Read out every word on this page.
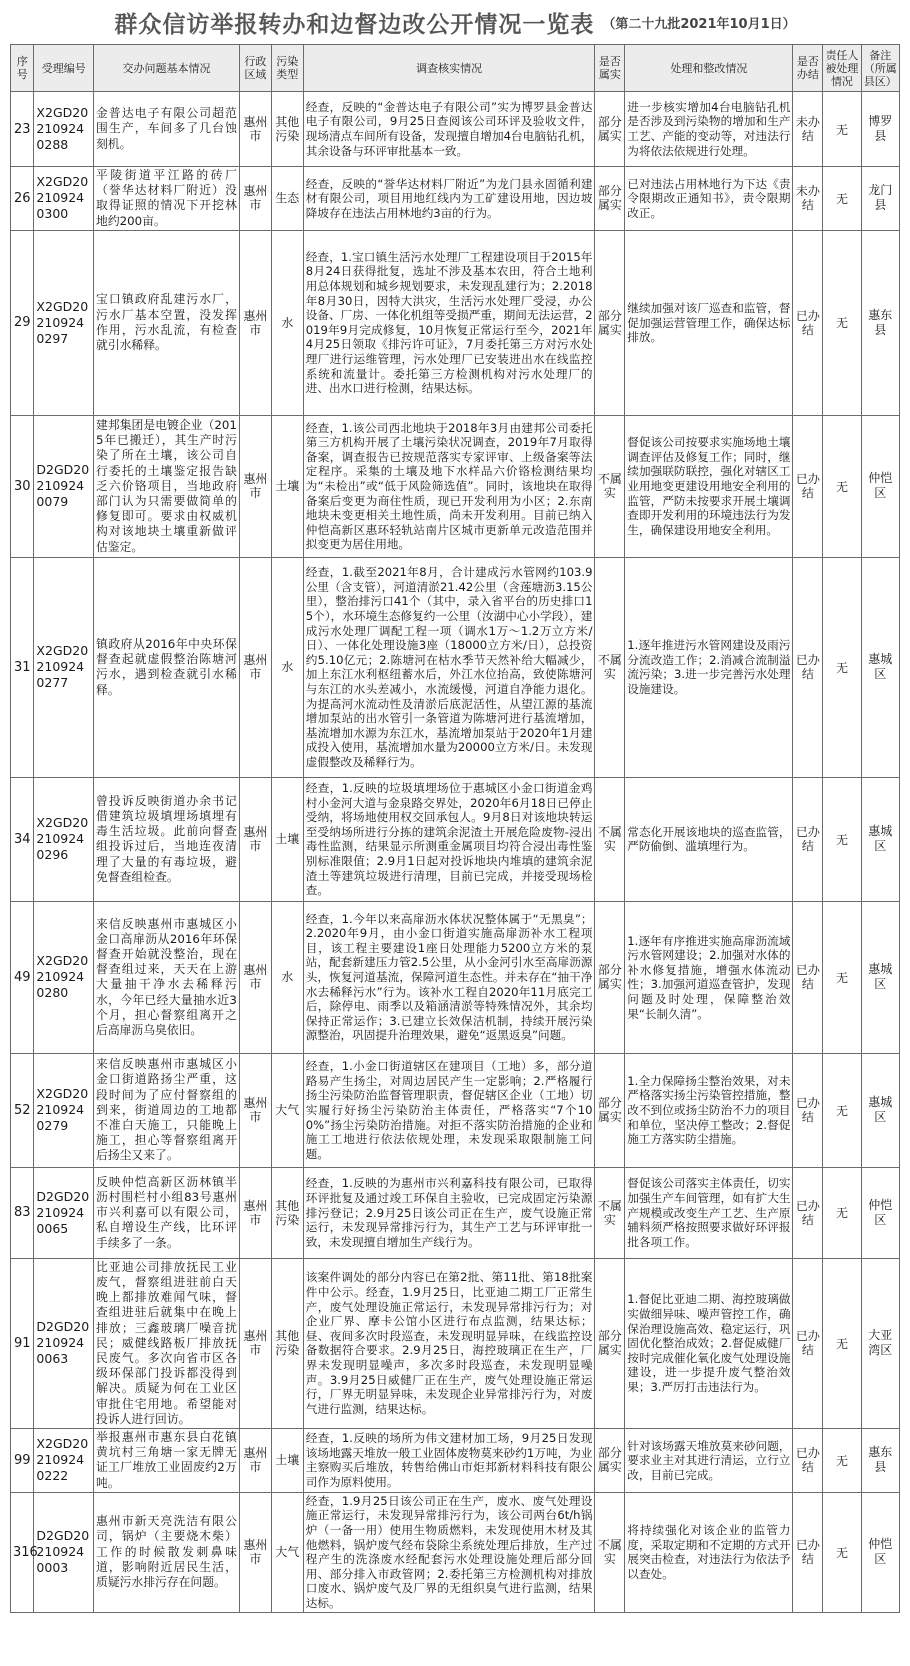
群众信访举报转办和边督边改公开情况一览表 （第二十九批2021年10月1日）
序号	受理编号	交办问题基本情况	行政区域	污染类型	调查核实情况	是否属实	处理和整改情况	是否办结	责任人被处理情况	备注（所属县区）
23	X2GD202109240288	金普达电子有限公司超范围生产，车间多了几台蚀刻机。	惠州市	其他污染	经查，反映的“金普达电子有限公司”实为博罗县金普达电子有限公司，9月25日查阅该公司环评及验收文件，现场清点车间所有设备，发现擅自增加4台电脑钻孔机，其余设备与环评审批基本一致。	部分属实	进一步核实增加4台电脑钻孔机是否涉及到污染物的增加和生产工艺、产能的变动等，对违法行为将依法依规进行处理。	未办结	无	博罗县
26	X2GD202109240300	平陵街道平江路的砖厂（誉华达材料厂附近）没取得证照的情况下开挖林地约200亩。	惠州市	生态	经查，反映的“誉华达材料厂附近”为龙门县永固循利建材有限公司，项目用地红线内为工矿建设用地，因边坡降坡存在违法占用林地约3亩的行为。	部分属实	已对违法占用林地行为下达《责令限期改正通知书》，责令限期改正。	未办结	无	龙门县
29	X2GD202109240297	宝口镇政府乱建污水厂，污水厂基本空置，没发挥作用，污水乱流，有检查就引水稀释。	惠州市	水	经查，1.宝口镇生活污水处理厂工程建设项目于2015年8月24日获得批复，选址不涉及基本农田，符合土地利用总体规划和城乡规划要求，未发现乱建行为；2.2018年8月30日，因特大洪灾，生活污水处理厂受浸，办公设备、厂房、一体化机组等受损严重，期间无法运营，2019年9月完成修复，10月恢复正常运行至今，2021年4月25日领取《排污许可证》，7月委托第三方对污水处理厂进行运维管理，污水处理厂已安装进出水在线监控系统和流量计。委托第三方检测机构对污水处理厂的进、出水口进行检测，结果达标。	部分属实	继续加强对该厂巡查和监管，督促加强运营管理工作，确保达标排放。	已办结	无	惠东县
30	D2GD202109240079	建邦集团是电镀企业（2015年已搬迁），其生产时污染了所在土壤，该公司自行委托的土壤鉴定报告缺乏六价铬项目，当地政府部门认为只需要做简单的修复即可。要求由权威机构对该地块土壤重新做评估鉴定。	惠州市	土壤	经查，1.该公司西北地块于2018年3月由建邦公司委托第三方机构开展了土壤污染状况调查，2019年7月取得备案，调查报告已按规范落实专家评审、上级备案等法定程序。采集的土壤及地下水样品六价铬检测结果均为“未检出”或“低于风险筛选值”。同时，该地块在取得备案后变更为商住性质，现已开发利用为小区；2.东南地块未变更相关土地性质，尚未开发利用。目前已纳入仲恺高新区惠环轻轨站南片区城市更新单元改造范围并拟变更为居住用地。	不属实	督促该公司按要求实施场地土壤调查评估及修复工作；同时，继续加强联防联控，强化对辖区工业用地变更建设用地安全利用的监管，严防未按要求开展土壤调查即开发利用的环境违法行为发生，确保建设用地安全利用。	已办结	无	仲恺区
31	X2GD202109240277	镇政府从2016年中央环保督查起就虚假整治陈塘河污水，遇到检查就引水稀释。	惠州市	水	经查，1.截至2021年8月，合计建成污水管网约103.9公里（含支管），河道清淤21.42公里（含莲塘沥3.15公里），整治排污口41个（其中，录入省平台的历史排口15个），水环境生态修复约一公里（汝湖中心小学段），建成污水处理厂调配工程一项（调水1万～1.2万立方米/日）、一体化处理设施3座（18000立方米/日），总投资约5.10亿元；2.陈塘河在枯水季节天然补给大幅减少，加上东江水利枢纽蓄水后，外江水位抬高，致使陈塘河与东江的水头差减小，水流缓慢，河道自净能力退化。为提高河水流动性及清淤后底泥活性，从望江源的基流增加泵站的出水管引一条管道为陈塘河进行基流增加，基流增加水源为东江水，基流增加泵站于2020年1月建成投入使用，基流增加水量为20000立方米/日。未发现虚假整改及稀释行为。	不属实	1.逐年推进污水管网建设及雨污分流改造工作；2.消减合流制溢流污染；3.进一步完善污水处理设施建设。	已办结	无	惠城区
34	X2GD2021092402​96	曾投诉反映街道办余书记借建筑垃圾填埋场填埋有毒生活垃圾。此前向督查组投诉过后，当地连夜清理了大量的有毒垃圾，避免督查组检查。	惠州市	土壤	经查，1.反映的垃圾填埋场位于惠城区小金口街道金鸡村小金河大道与金泉路交界处，2020年6月18日已停止受纳，将场地使用权交回承包人。9月8日对该地块转运至受纳场所进行分拣的建筑余泥渣土开展危险废物-浸出毒性监测，结果显示所测重金属项目均符合浸出毒性鉴别标准限值；2.9月1日起对投诉地块内堆填的建筑余泥渣土等建筑垃圾进行清理，目前已完成，并接受现场检查。	不属实	常态化开展该地块的巡查监管，严防偷倒、滥填埋行为。	已办结	无	惠城区
49	X2GD202109240280	来信反映惠州市惠城区小金口高扉沥从2016年环保督查开始就没整治，现在督查组过来，天天在上游大量抽干净水去稀释污水，今年已经大量抽水近3个月，担心督察组离开之后高扉沥乌臭依旧。	惠州市	水	经查，1.今年以来高扉沥水体状况整体属于“无黑臭”；2.2020年9月，由小金口街道实施高扉沥补水工程项目，该工程主要建设1座日处理能力5200立方米的泵站，配套新建压力管2.5公里，从小金河引水至高扉沥源头，恢复河道基流，保障河道生态性。并未存在“抽干净水去稀释污水”行为。该补水工程自2020年11月底完工后，除停电、雨季以及箱涵清淤等特殊情况外，其余均保持正常运作；3.已建立长效保洁机制，持续开展污染源整治，巩固提升治理效果，避免“返黑返臭”问题。	部分属实	1.逐年有序推进实施高扉沥流域污水管网建设；2.加强对水体的补水修复措施，增强水体流动性；3.加强河道巡查管护，发现问题及时处理，保障整治效果“长制久清”。	已办结	无	惠城区
52	X2GD2021092402​79	来信反映惠州市惠城区小金口街道路扬尘严重，这段时间为了应付督察组的到来，街道周边的工地都不准白天施工，只能晚上施工，担心等督察组离开后扬尘又来了。	惠州市	大气	经查，1.小金口街道辖区在建项目（工地）多，部分道路易产生扬尘，对周边居民产生一定影响；2.严格履行扬尘污染防治监督管理职责，督促辖区企业（工地）切实履行好扬尘污染防治主体责任，严格落实“7个100%”扬尘污染防治措施。对拒不落实防治措施的企业和施工工地进行依法依规处理，未发现采取限制施工问题。	部分属实	1.全力保障扬尘整治效果，对未严格落实扬尘污染管控措施，整改不到位或扬尘防治不力的项目和单位，坚决停工整改；2.督促施工方落实防尘措施。	已办结	无	惠城区
83	D2GD2021092400​65	反映仲恺高新区沥林镇半沥村围栏村小组83号惠州市兴利嘉可以有限公司，私自增设生产线，比环评手续多了一条。	惠州市	其他污染	经查，1.反映的为惠州市兴利嘉科技有限公司，已取得环评批复及通过竣工环保自主验收，已完成固定污染源排污登记；2.9月25日该公司正在生产，废气设施正常运行，未发现异常排污行为，其生产工艺与环评审批一致，未发现擅自增加生产线行为。	不属实	督促该公司落实主体责任，切实加强生产车间管理，如有扩大生产规模或改变生产工艺、生产原辅料须严格按照要求做好环评报批各项工作。	已办结	无	仲恺区
91	D2GD2021092400​63	比亚迪公司排放抚民工业废气，督察组进驻前白天晚上都排放难闻气味，督查组进驻后就集中在晚上排放；三鑫玻璃厂噪音扰民；威健线路板厂排放抚民废气。多次向省市区各级环保部门投诉都没得到解决。质疑为何在工业区审批住宅用地。希望能对投诉人进行回访。	惠州市	其他污染	该案件调处的部分内容已在第2批、第11批、第18批案件中公示。经查，1.9月25日，比亚迪二期工厂正常生产，废气处理设施正常运行，未发现异常排污行为；对企业厂界、摩卡公馆小区进行布点监测，结果达标；昼、夜间多次时段巡查，未发现明显异味，在线监控设备数据符合要求。2.9月25日，海控玻璃正在生产，厂界未发现明显噪声，多次多时段巡查，未发现明显噪声。3.9月25日威健厂正在生产，废气处理设施正常运行，厂界无明显异味，未发现企业异常排污行为，对废气进行监测，结果达标。	部分属实	1.督促比亚迪二期、海控玻璃做实做细异味、噪声管控工作，确保治理设施高效、稳定运行，巩固优化整治成效；2.督促威健厂按时完成催化氧化废气处理设施建设，进一步提升废气整治效果；3.严厉打击违法行为。	已办结	无	大亚湾区
99	X2GD2021092402​22	举报惠州市惠东县白花镇黄坑村三角塘一家无牌无证工厂堆放工业固废约2万吨。	惠州市	土壤	经查，1.反映的场所为伟文建材加工场，9月25日发现该场地露天堆放一般工业固体废物莫来砂约1万吨，为业主察购买后堆放，转售给佛山市炬邦新材料科技有限公司作为原料使用。	部分属实	针对该场露天堆放莫来砂问题，要求业主对其进行清运，立行立改，目前已完成。	已办结	无	惠东县
316	D2GD2021092400​03	惠州市新天亮洗洁有限公司，锅炉（主要烧木柴）工作的时候散发刺鼻味道，影响附近居民生活，质疑污水排污存在问题。	惠州市	大气	经查，1.9月25日该公司正在生产，废水、废气处理设施正常运行，未发现异常排污行为，该公司两台6t/h锅炉（一备一用）使用生物质燃料，未发现使用木材及其他燃料，锅炉废气经布袋除尘系统处理后排放，生产过程产生的洗涤废水经配套污水处理设施处理后部分回用、部分排入市政管网；2.委托第三方检测机构对排放口废水、锅炉废气及厂界的无组织臭气进行监测，结果达标。	不属实	将持续强化对该企业的监管力度，采取定期和不定期的方式开展突击检查，对违法行为依法予以查处。	已办结	无	仲恺区
